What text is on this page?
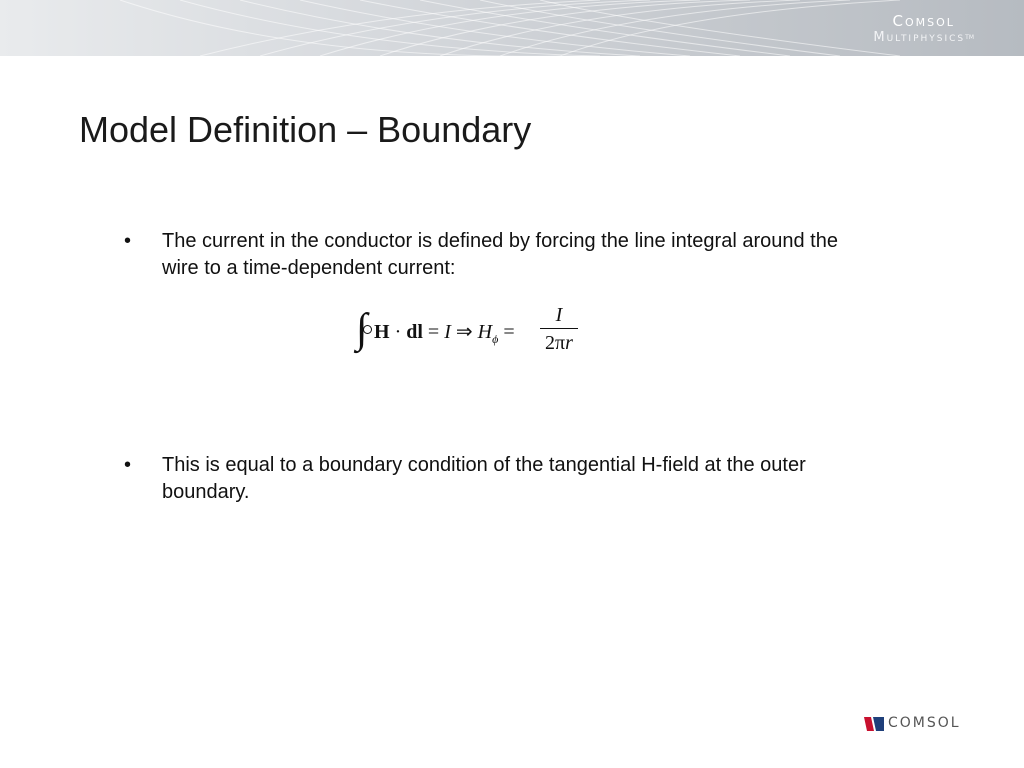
Comsol
Multiphysics™
Model Definition – Boundary
• The current in the conductor is defined by forcing the line integral around the wire to a time-dependent current:
∫ H · dl = I ⇒ $H_\phi$ =
I
2πr
• This is equal to a boundary condition of the tangential H-field at the outer boundary.
COMSOL
